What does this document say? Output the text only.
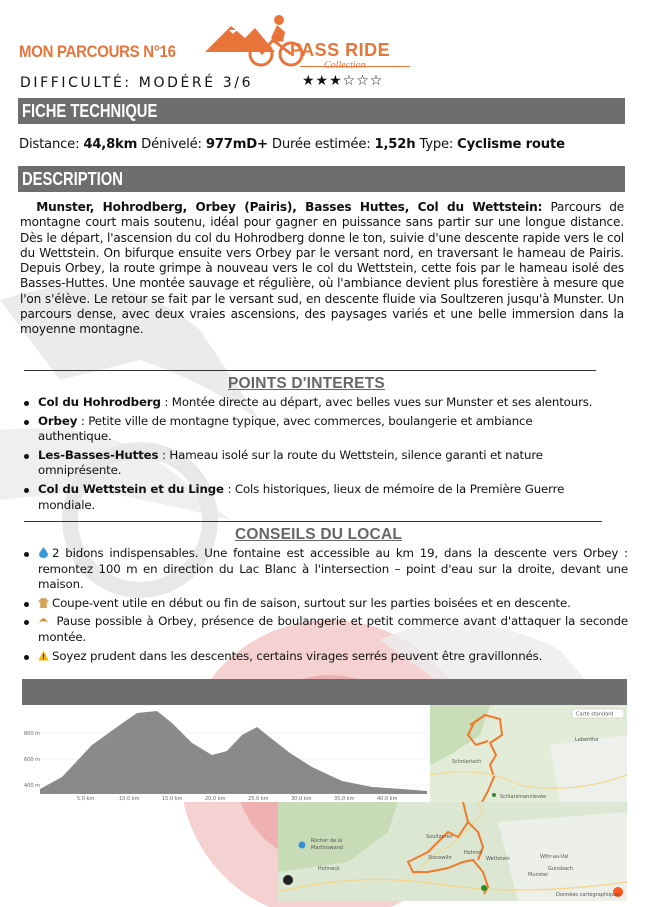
MON PARCOURS N°16	PASS RIDE
Collection
DIFFICULTÉ: MODÉRÉ 3/6	★★★☆☆☆
FICHE TECHNIQUE
Distance: 44,8km Dénivelé: 977mD+ Durée estimée: 1,52h Type: Cyclisme route
DESCRIPTION
Munster, Hohrodberg, Orbey (Pairis), Basses Huttes, Col du Wettstein: Parcours de montagne court mais soutenu, idéal pour gagner en puissance sans partir sur une longue distance. Dès le départ, l'ascension du col du Hohrodberg donne le ton, suivie d'une descente rapide vers le col du Wettstein. On bifurque ensuite vers Orbey par le versant nord, en traversant le hameau de Pairis. Depuis Orbey, la route grimpe à nouveau vers le col du Wettstein, cette fois par le hameau isolé des Basses-Huttes. Une montée sauvage et régulière, où l'ambiance devient plus forestière à mesure que l'on s'élève. Le retour se fait par le versant sud, en descente fluide via Soultzeren jusqu'à Munster. Un parcours dense, avec deux vraies ascensions, des paysages variés et une belle immersion dans la moyenne montagne.
POINTS D'INTERETS
Col du Hohrodberg : Montée directe au départ, avec belles vues sur Munster et ses alentours.
Orbey : Petite ville de montagne typique, avec commerces, boulangerie et ambiance authentique.
Les-Basses-Huttes : Hameau isolé sur la route du Wettstein, silence garanti et nature omniprésente.
Col du Wettstein et du Linge : Cols historiques, lieux de mémoire de la Première Guerre mondiale.
CONSEILS DU LOCAL
2 bidons indispensables. Une fontaine est accessible au km 19, dans la descente vers Orbey : remontez 100 m en direction du Lac Blanc à l'intersection – point d'eau sur la droite, devant une maison.
Coupe-vent utile en début ou fin de saison, surtout sur les parties boisées et en descente.
Pause possible à Orbey, présence de boulangerie et petit commerce avant d'attaquer la seconde montée.
Soyez prudent dans les descentes, certains virages serrés peuvent être gravillonnés.
800 m
600 m
400 m
5,0 km	10,0 km	15,0 km	20,0 km	25,0 km	30,0 km	35,0 km	40,0 km
Carte standard
Lebenthe
Schnierlach
Schlarzmannlevée
Rocher de la
Martinswand
Hohneck
Soultzeren
Stosswihr
Hohrod
Wettstein
Munster
Wihr-au-Val
Gunsbach
Données cartographiques
